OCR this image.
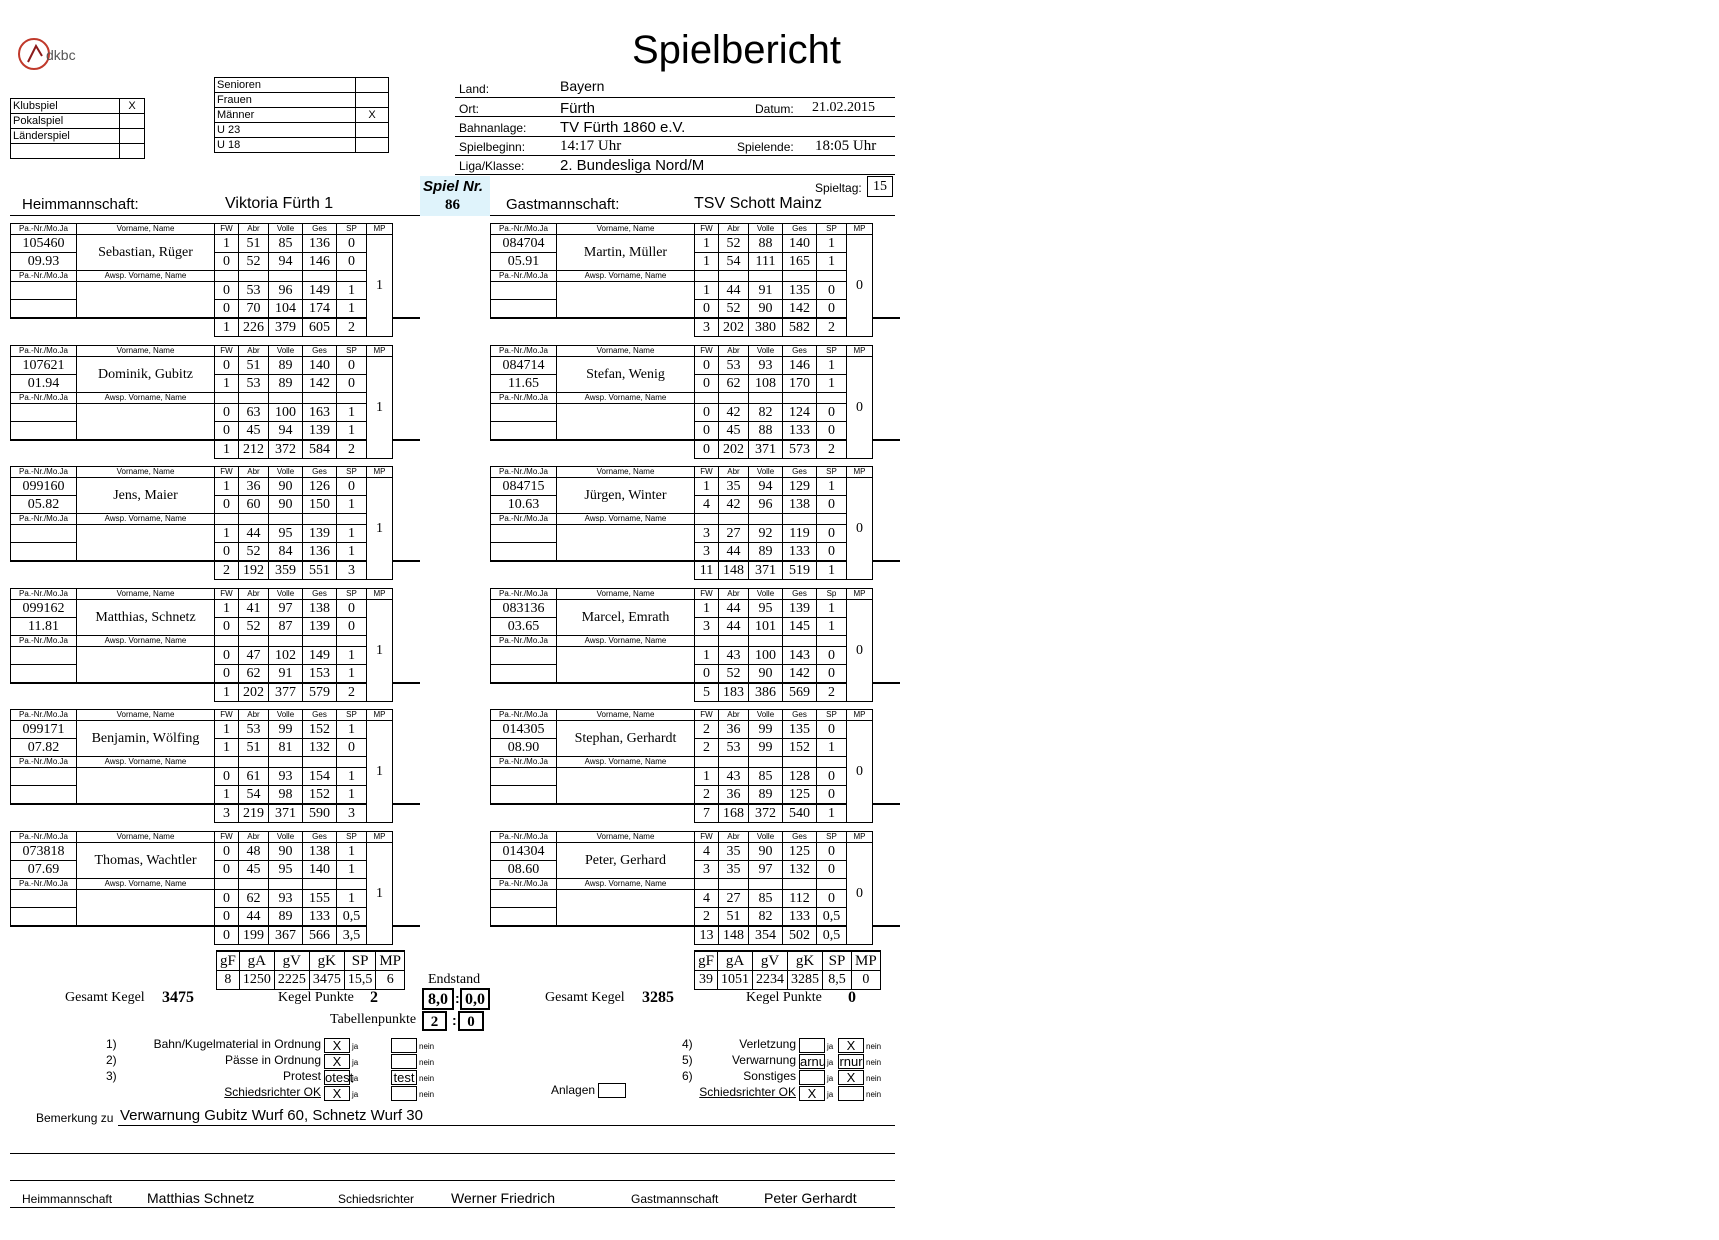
dkbc	Spielbericht
Klubspiel	X
Pokalspiel	
Länderspiel	

Senioren	
Frauen	
Männer	X
U 23	
U 18	
Land:	Bayern
Ort:	Fürth	Datum: 21.02.2015
Bahnanlage: TV Fürth 1860 e.V.
Spielbeginn: 14:17 Uhr	Spielende: 18:05 Uhr
Liga/Klasse: 2. Bundesliga Nord/M
Spieltag: 15
Spiel Nr.
86
Heimmannschaft:	Viktoria Fürth 1	Gastmannschaft:	TSV Schott Mainz
Pa.-Nr./Mo.Ja	Vorname, Name	FW	Abr	Volle	Ges	SP	MP	
105460	Sebastian, Rüger	1	51	85	136	0	1	
09.93		0	52	94	146	0		
Pa.-Nr./Mo.Ja	Awsp. Vorname, Name							
		0	53	96	149	1		
		0	70	104	174	1		
		1	226	379	605	2		
Pa.-Nr./Mo.Ja	Vorname, Name	FW	Abr	Volle	Ges	SP	MP	
107621	Dominik, Gubitz	0	51	89	140	0	1	
01.94		1	53	89	142	0		
Pa.-Nr./Mo.Ja	Awsp. Vorname, Name							
		0	63	100	163	1		
		0	45	94	139	1		
		1	212	372	584	2		
Pa.-Nr./Mo.Ja	Vorname, Name	FW	Abr	Volle	Ges	SP	MP	
099160	Jens, Maier	1	36	90	126	0	1	
05.82		0	60	90	150	1		
Pa.-Nr./Mo.Ja	Awsp. Vorname, Name							
		1	44	95	139	1		
		0	52	84	136	1		
		2	192	359	551	3		
Pa.-Nr./Mo.Ja	Vorname, Name	FW	Abr	Volle	Ges	SP	MP	
099162	Matthias, Schnetz	1	41	97	138	0	1	
11.81		0	52	87	139	0		
Pa.-Nr./Mo.Ja	Awsp. Vorname, Name							
		0	47	102	149	1		
		0	62	91	153	1		
		1	202	377	579	2		
Pa.-Nr./Mo.Ja	Vorname, Name	FW	Abr	Volle	Ges	SP	MP	
099171	Benjamin, Wölfing	1	53	99	152	1	1	
07.82		1	51	81	132	0		
Pa.-Nr./Mo.Ja	Awsp. Vorname, Name							
		0	61	93	154	1		
		1	54	98	152	1		
		3	219	371	590	3		
Pa.-Nr./Mo.Ja	Vorname, Name	FW	Abr	Volle	Ges	SP	MP	
073818	Thomas, Wachtler	0	48	90	138	1	1	
07.69		0	45	95	140	1		
Pa.-Nr./Mo.Ja	Awsp. Vorname, Name							
		0	62	93	155	1		
		0	44	89	133	0,5		
		0	199	367	566	3,5		
Pa.-Nr./Mo.Ja	Vorname, Name	FW	Abr	Volle	Ges	SP	MP	
084704	Martin, Müller	1	52	88	140	1	0	
05.91		1	54	111	165	1		
Pa.-Nr./Mo.Ja	Awsp. Vorname, Name							
		1	44	91	135	0		
		0	52	90	142	0		
		3	202	380	582	2		
Pa.-Nr./Mo.Ja	Vorname, Name	FW	Abr	Volle	Ges	SP	MP	
084714	Stefan, Wenig	0	53	93	146	1	0	
11.65		0	62	108	170	1		
Pa.-Nr./Mo.Ja	Awsp. Vorname, Name							
		0	42	82	124	0		
		0	45	88	133	0		
		0	202	371	573	2		
Pa.-Nr./Mo.Ja	Vorname, Name	FW	Abr	Volle	Ges	SP	MP	
084715	Jürgen, Winter	1	35	94	129	1	0	
10.63		4	42	96	138	0		
Pa.-Nr./Mo.Ja	Awsp. Vorname, Name							
		3	27	92	119	0		
		3	44	89	133	0		
		11	148	371	519	1		
Pa.-Nr./Mo.Ja	Vorname, Name	FW	Abr	Volle	Ges	Sp	MP	
083136	Marcel, Emrath	1	44	95	139	1	0	
03.65		3	44	101	145	1		
Pa.-Nr./Mo.Ja	Awsp. Vorname, Name							
		1	43	100	143	0		
		0	52	90	142	0		
		5	183	386	569	2		
Pa.-Nr./Mo.Ja	Vorname, Name	FW	Abr	Volle	Ges	SP	MP	
014305	Stephan, Gerhardt	2	36	99	135	0	0	
08.90		2	53	99	152	1		
Pa.-Nr./Mo.Ja	Awsp. Vorname, Name							
		1	43	85	128	0		
		2	36	89	125	0		
		7	168	372	540	1		
Pa.-Nr./Mo.Ja	Vorname, Name	FW	Abr	Volle	Ges	SP	MP	
014304	Peter, Gerhard	4	35	90	125	0	0	
08.60		3	35	97	132	0		
Pa.-Nr./Mo.Ja	Awsp. Vorname, Name							
		4	27	85	112	0		
		2	51	82	133	0,5		
		13	148	354	502	0,5		
gF	gA	gV	gK	SP	MP
8	1250	2225	3475	15,5	6
gF	gA	gV	gK	SP	MP
39	1051	2234	3285	8,5	0
Endstand
Gesamt Kegel 3475	Kegel Punkte 2	8,0 : 0,0
Tabellenpunkte 2 : 0
Gesamt Kegel 3285	Kegel Punkte 0
1)	Bahn/Kugelmaterial in Ordnung X	ja	nein
2)	Pässe in Ordnung X	ja	nein
3)	Protest otest
ja	test nein
Schiedsrichter OK X	ja	nein
4)	Verletzung	ja	X	nein
5)	Verwarnung arnu ja rnur nein
6)	Sonstiges	ja	X	nein
Schiedsrichter OK X	ja	nein
Anlagen
Bemerkung zu Verwarnung Gubitz Wurf 60, Schnetz Wurf 30
Heimmannschaft Matthias Schnetz	Schiedsrichter	Werner Friedrich	Gastmannschaft	Peter Gerhardt
